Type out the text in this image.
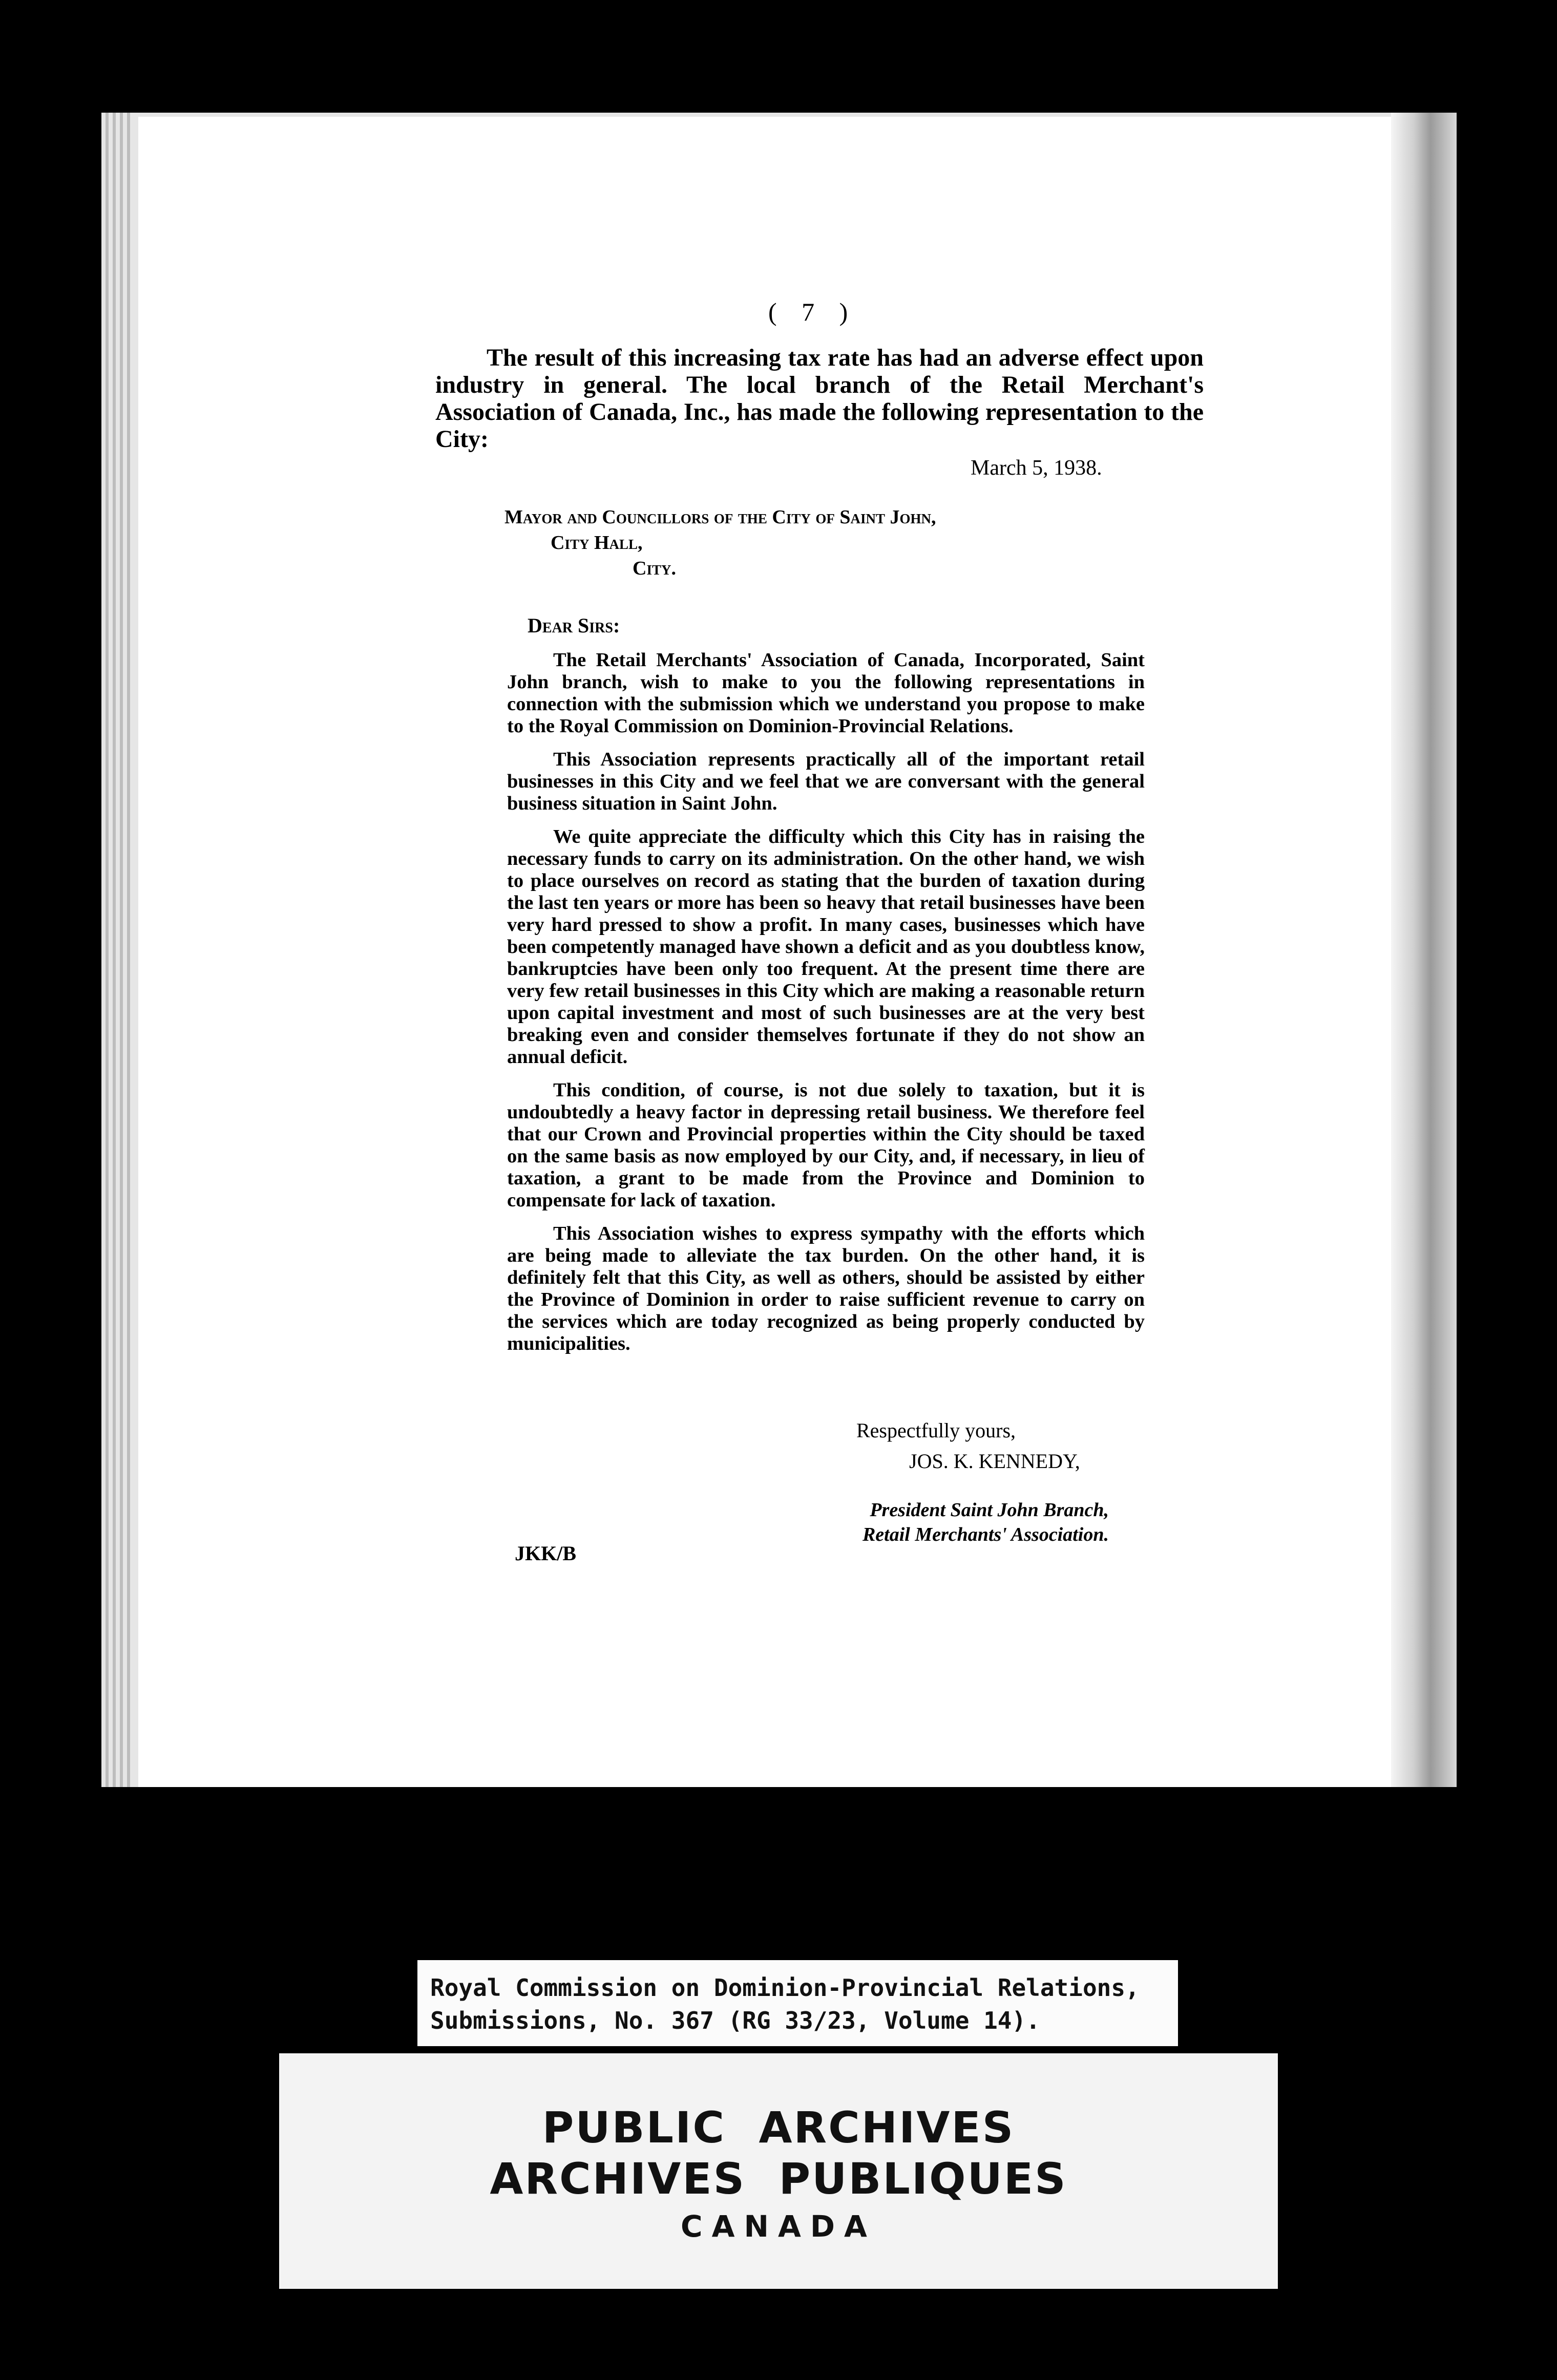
( 7 )
The result of this increasing tax rate has had an adverse effect upon industry in general. The local branch of the Retail Merchant's Association of Canada, Inc., has made the following representation to the City:
March 5, 1938.
Mayor and Councillors of the City of Saint John,
City Hall,
City.
Dear Sirs:

The Retail Merchants' Association of Canada, Incorporated, Saint John branch, wish to make to you the following representations in connection with the submission which we understand you propose to make to the Royal Commission on Dominion-Provincial Relations.

This Association represents practically all of the important retail businesses in this City and we feel that we are conversant with the general business situation in Saint John.

We quite appreciate the difficulty which this City has in raising the necessary funds to carry on its administration. On the other hand, we wish to place ourselves on record as stating that the burden of taxation during the last ten years or more has been so heavy that retail businesses have been very hard pressed to show a profit. In many cases, businesses which have been competently managed have shown a deficit and as you doubtless know, bankruptcies have been only too frequent. At the present time there are very few retail businesses in this City which are making a reasonable return upon capital investment and most of such businesses are at the very best breaking even and consider themselves fortunate if they do not show an annual deficit.

This condition, of course, is not due solely to taxation, but it is undoubtedly a heavy factor in depressing retail business. We therefore feel that our Crown and Provincial properties within the City should be taxed on the same basis as now employed by our City, and, if necessary, in lieu of taxation, a grant to be made from the Province and Dominion to compensate for lack of taxation.

This Association wishes to express sympathy with the efforts which are being made to alleviate the tax burden. On the other hand, it is definitely felt that this City, as well as others, should be assisted by either the Province of Dominion in order to raise sufficient revenue to carry on the services which are today recognized as being properly conducted by municipalities.

Respectfully yours,
JOS. K. KENNEDY,
President Saint John Branch,
Retail Merchants' Association.
JKK/B
Royal Commission on Dominion-Provincial Relations,
Submissions, No. 367 (RG 33/23, Volume 14).
PUBLIC  ARCHIVES
ARCHIVES  PUBLIQUES
CANADA
